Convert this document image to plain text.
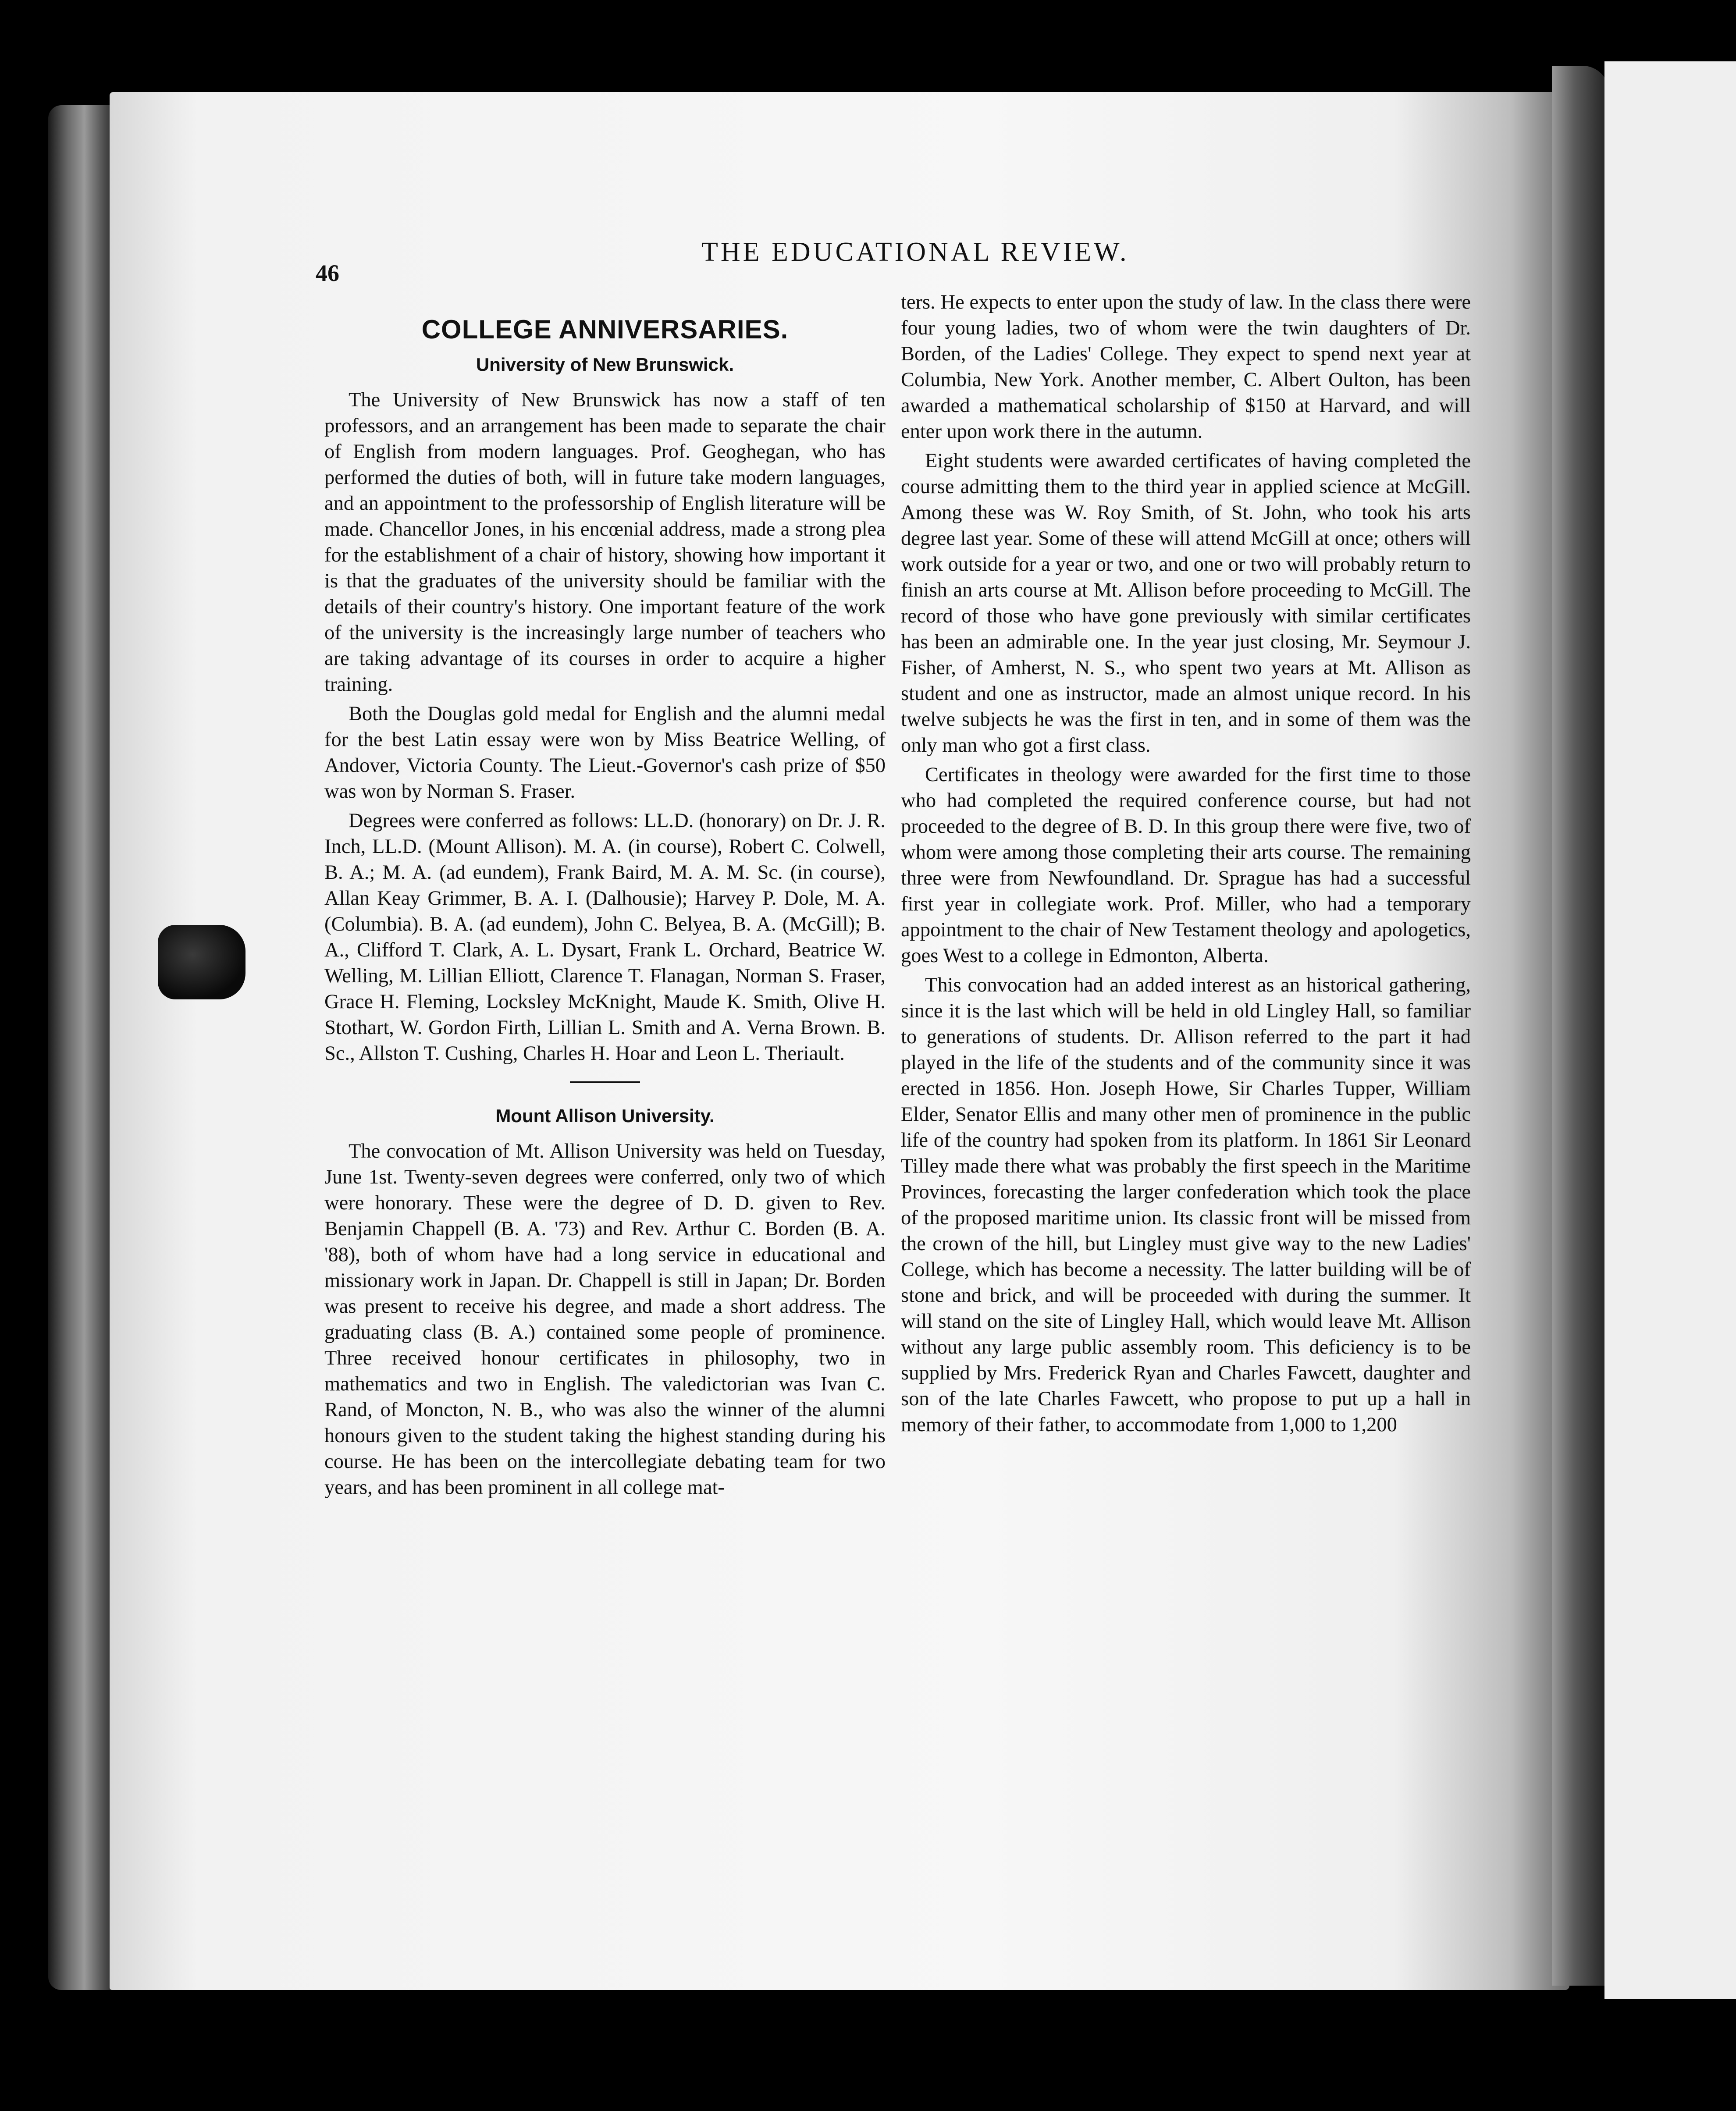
46
THE EDUCATIONAL REVIEW.
COLLEGE ANNIVERSARIES.
University of New Brunswick.

The University of New Brunswick has now a staff of ten professors, and an arrangement has been made to separate the chair of English from modern languages. Prof. Geoghegan, who has performed the duties of both, will in future take modern languages, and an appointment to the professorship of English literature will be made. Chancellor Jones, in his encœnial address, made a strong plea for the establishment of a chair of history, showing how important it is that the graduates of the university should be familiar with the details of their country's history. One important feature of the work of the university is the increasingly large number of teachers who are taking advantage of its courses in order to acquire a higher training.

Both the Douglas gold medal for English and the alumni medal for the best Latin essay were won by Miss Beatrice Welling, of Andover, Victoria County. The Lieut.-Governor's cash prize of $50 was won by Norman S. Fraser.

Degrees were conferred as follows: LL.D. (honorary) on Dr. J. R. Inch, LL.D. (Mount Allison). M. A. (in course), Robert C. Colwell, B. A.; M. A. (ad eundem), Frank Baird, M. A. M. Sc. (in course), Allan Keay Grimmer, B. A. I. (Dalhousie); Harvey P. Dole, M. A. (Columbia). B. A. (ad eundem), John C. Belyea, B. A. (McGill); B. A., Clifford T. Clark, A. L. Dysart, Frank L. Orchard, Beatrice W. Welling, M. Lillian Elliott, Clarence T. Flanagan, Norman S. Fraser, Grace H. Fleming, Locksley McKnight, Maude K. Smith, Olive H. Stothart, W. Gordon Firth, Lillian L. Smith and A. Verna Brown. B. Sc., Allston T. Cushing, Charles H. Hoar and Leon L. Theriault.

Mount Allison University.

The convocation of Mt. Allison University was held on Tuesday, June 1st. Twenty-seven degrees were conferred, only two of which were honorary. These were the degree of D. D. given to Rev. Benjamin Chappell (B. A. '73) and Rev. Arthur C. Borden (B. A. '88), both of whom have had a long service in educational and missionary work in Japan. Dr. Chappell is still in Japan; Dr. Borden was present to receive his degree, and made a short address. The graduating class (B. A.) contained some people of prominence. Three received honour certificates in philosophy, two in mathematics and two in English. The valedictorian was Ivan C. Rand, of Moncton, N. B., who was also the winner of the alumni honours given to the student taking the highest standing during his course. He has been on the intercollegiate debating team for two years, and has been prominent in all college mat-

ters. He expects to enter upon the study of law. In the class there were four young ladies, two of whom were the twin daughters of Dr. Borden, of the Ladies' College. They expect to spend next year at Columbia, New York. Another member, C. Albert Oulton, has been awarded a mathematical scholarship of $150 at Harvard, and will enter upon work there in the autumn.

Eight students were awarded certificates of having completed the course admitting them to the third year in applied science at McGill. Among these was W. Roy Smith, of St. John, who took his arts degree last year. Some of these will attend McGill at once; others will work outside for a year or two, and one or two will probably return to finish an arts course at Mt. Allison before proceeding to McGill. The record of those who have gone previously with similar certificates has been an admirable one. In the year just closing, Mr. Seymour J. Fisher, of Amherst, N. S., who spent two years at Mt. Allison as student and one as instructor, made an almost unique record. In his twelve subjects he was the first in ten, and in some of them was the only man who got a first class.

Certificates in theology were awarded for the first time to those who had completed the required conference course, but had not proceeded to the degree of B. D. In this group there were five, two of whom were among those completing their arts course. The remaining three were from Newfoundland. Dr. Sprague has had a successful first year in collegiate work. Prof. Miller, who had a temporary appointment to the chair of New Testament theology and apologetics, goes West to a college in Edmonton, Alberta.

This convocation had an added interest as an historical gathering, since it is the last which will be held in old Lingley Hall, so familiar to generations of students. Dr. Allison referred to the part it had played in the life of the students and of the community since it was erected in 1856. Hon. Joseph Howe, Sir Charles Tupper, William Elder, Senator Ellis and many other men of prominence in the public life of the country had spoken from its platform. In 1861 Sir Leonard Tilley made there what was probably the first speech in the Maritime Provinces, forecasting the larger confederation which took the place of the proposed maritime union. Its classic front will be missed from the crown of the hill, but Lingley must give way to the new Ladies' College, which has become a necessity. The latter building will be of stone and brick, and will be proceeded with during the summer. It will stand on the site of Lingley Hall, which would leave Mt. Allison without any large public assembly room. This deficiency is to be supplied by Mrs. Frederick Ryan and Charles Fawcett, daughter and son of the late Charles Fawcett, who propose to put up a hall in memory of their father, to accommodate from 1,000 to 1,200
